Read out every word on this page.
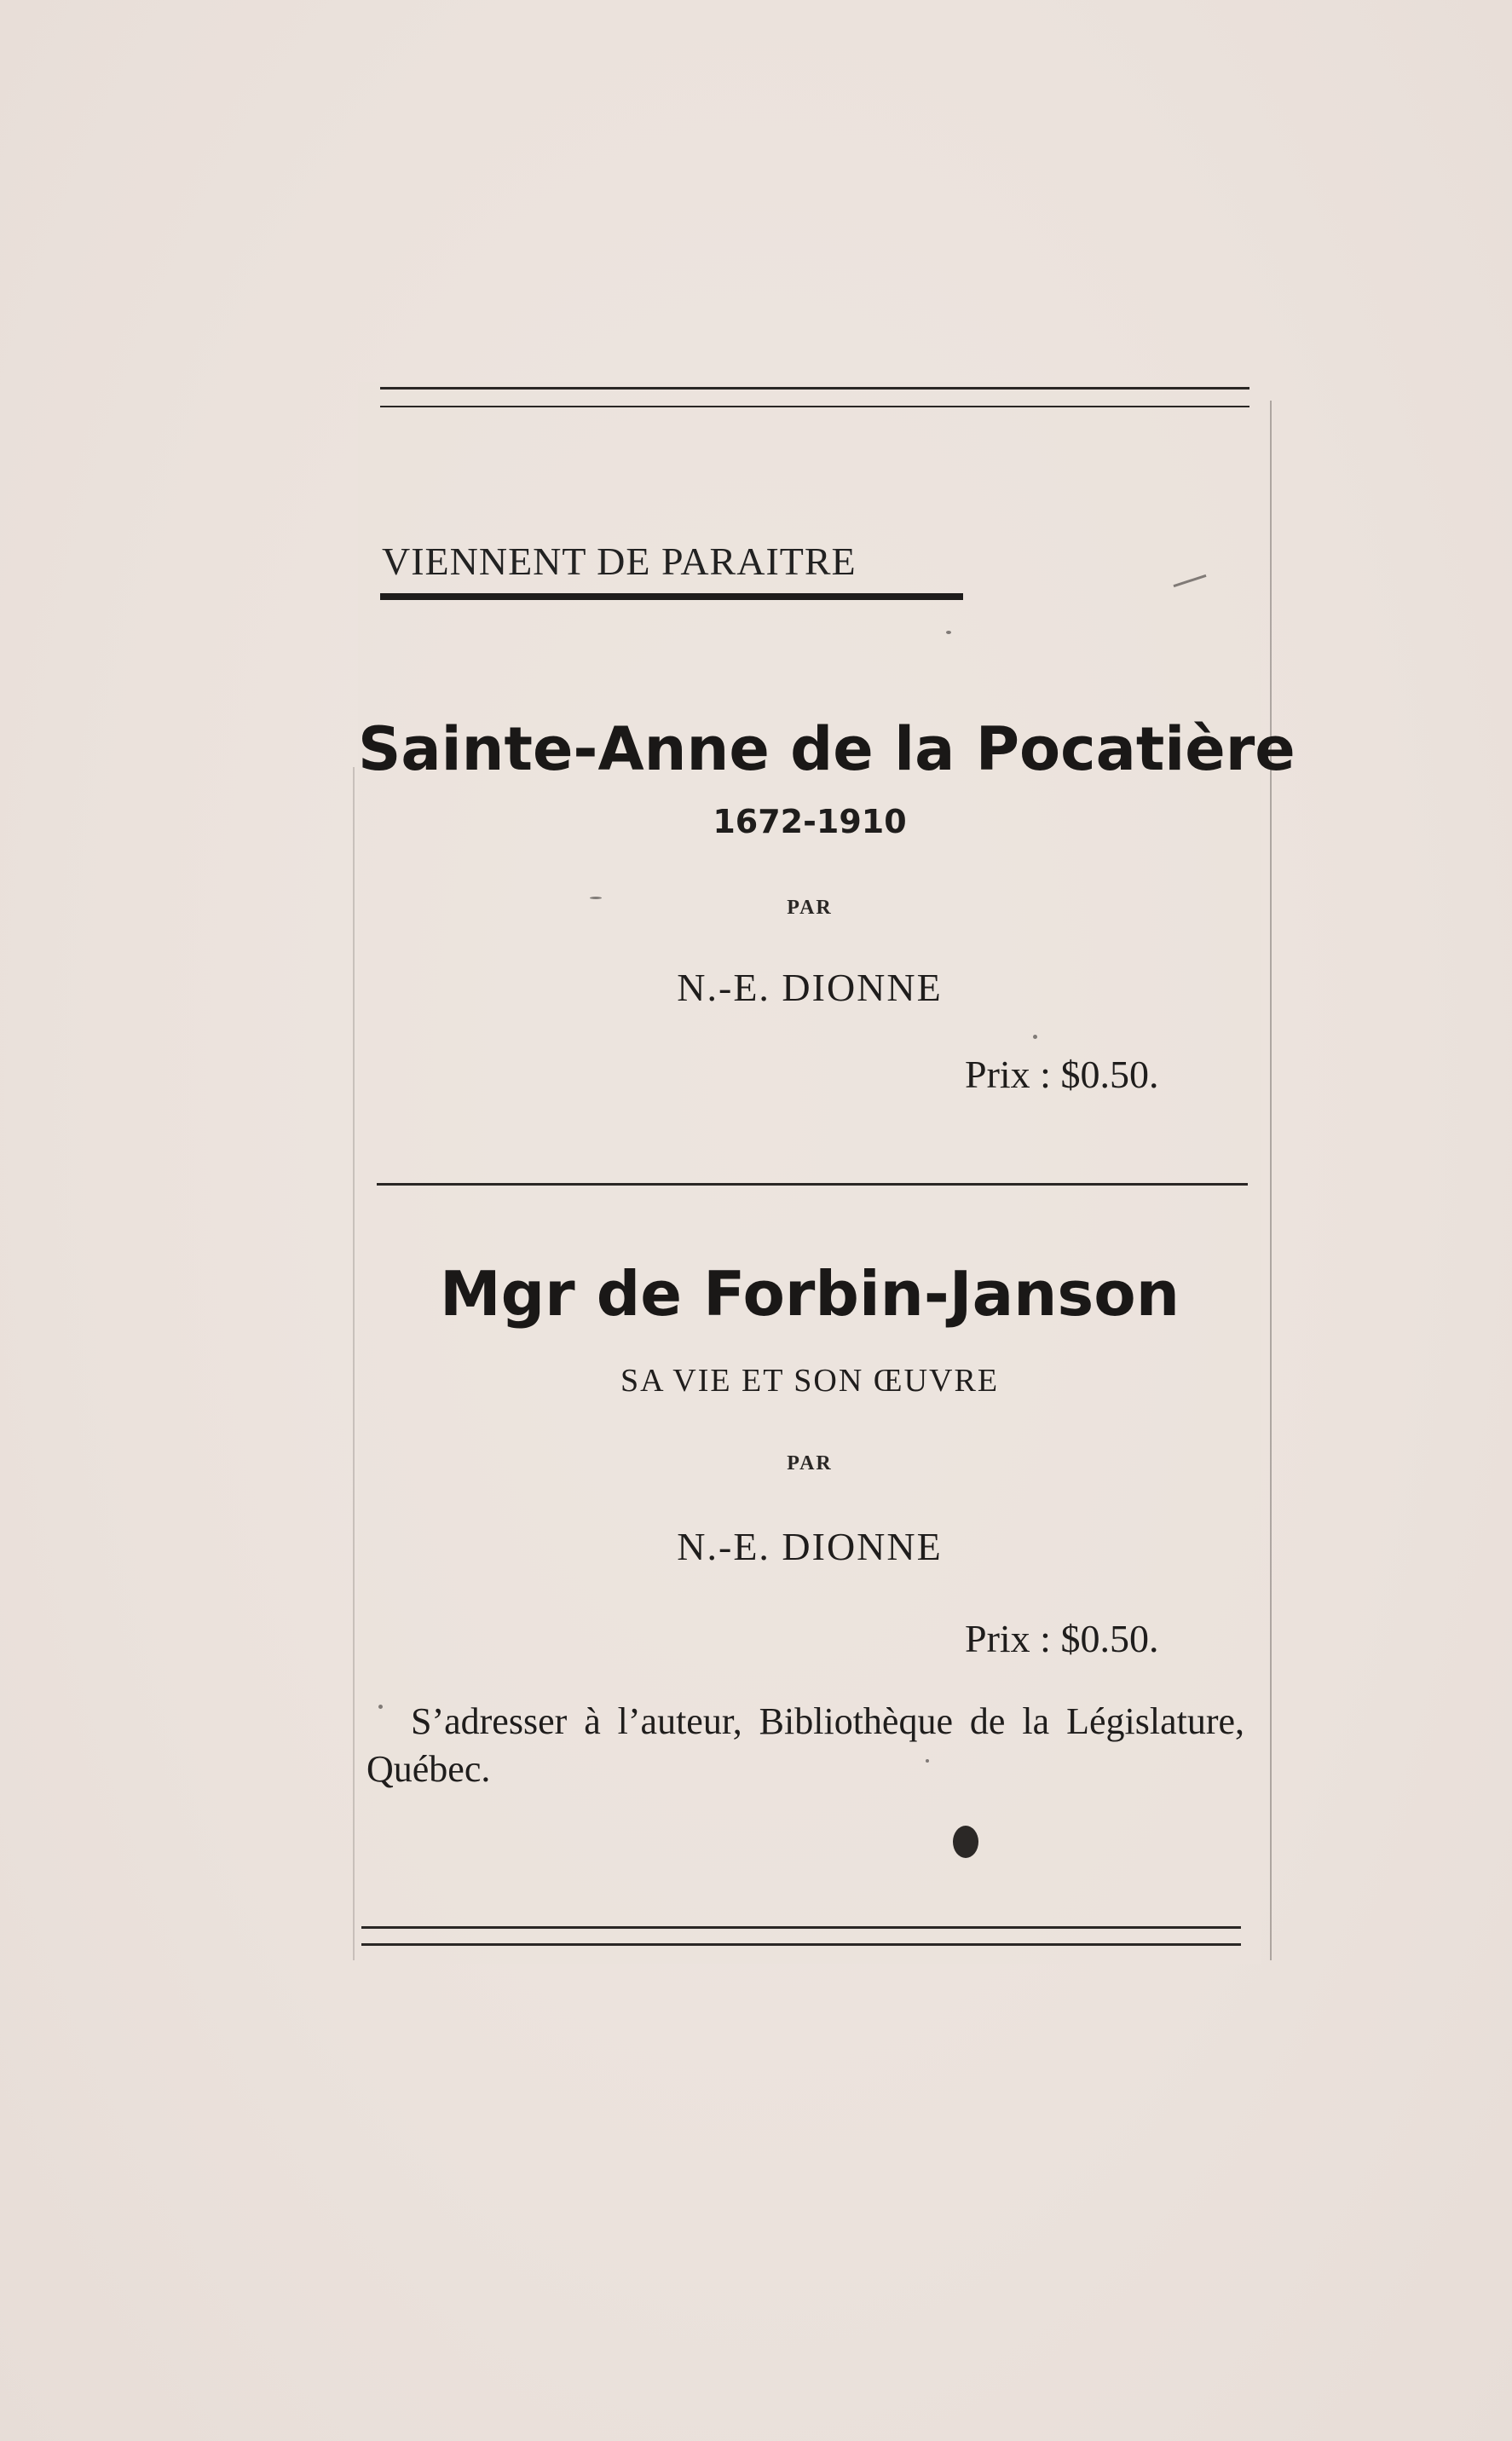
VIENNENT DE PARAITRE
Sainte-Anne de la Pocatière
1672-1910
PAR
N.-E. DIONNE
Prix : $0.50.
Mgr de Forbin-Janson
SA VIE ET SON ŒUVRE
PAR
N.-E. DIONNE
Prix : $0.50.
S’adresser à l’auteur, Bibliothèque de la Législature, Québec.
